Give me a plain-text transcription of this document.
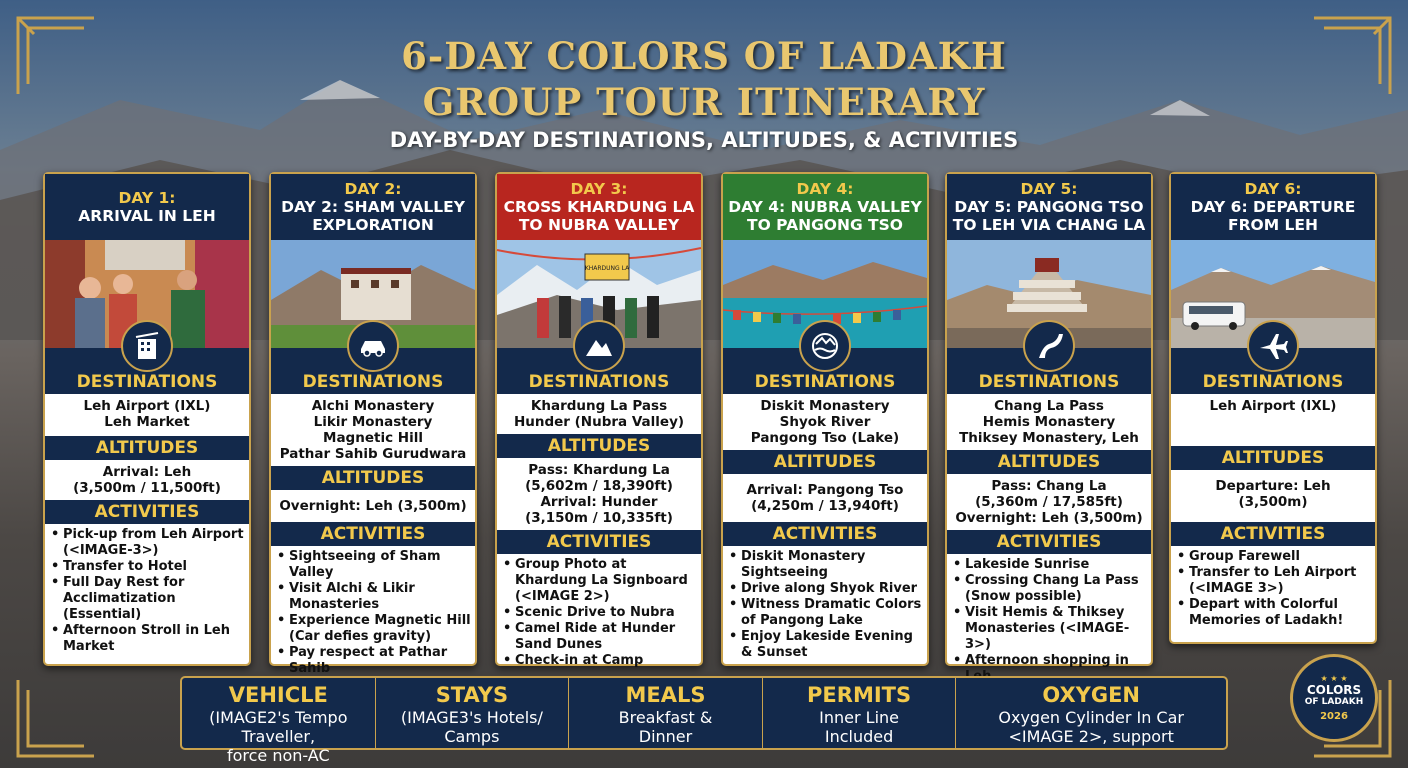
6-DAY COLORS OF LADAKH
GROUP TOUR ITINERARY
DAY-BY-DAY DESTINATIONS, ALTITUDES, & ACTIVITIES
DAY 1:
ARRIVAL IN LEH
DESTINATIONS
Leh Airport (IXL)
Leh Market
ALTITUDES
Arrival: Leh
(3,500m / 11,500ft)
ACTIVITIES
• Pick-up from Leh Airport (<IMAGE-3>)
• Transfer to Hotel
• Full Day Rest for Acclimatization (Essential)
• Afternoon Stroll in Leh Market
DAY 2:
DAY 2: SHAM VALLEY EXPLORATION
DESTINATIONS
Alchi Monastery
Likir Monastery
Magnetic Hill
Pathar Sahib Gurudwara
ALTITUDES
Overnight: Leh (3,500m)
ACTIVITIES
• Sightseeing of Sham Valley
• Visit Alchi & Likir Monasteries
• Experience Magnetic Hill (Car defies gravity)
• Pay respect at Pathar Sahib
DAY 3:
CROSS KHARDUNG LA TO NUBRA VALLEY
KHARDUNG LA
DESTINATIONS
Khardung La Pass
Hunder (Nubra Valley)
ALTITUDES
Pass: Khardung La
(5,602m / 18,390ft)
Arrival: Hunder
(3,150m / 10,335ft)
ACTIVITIES
• Group Photo at Khardung La Signboard (<IMAGE 2>)
• Scenic Drive to Nubra
• Camel Ride at Hunder Sand Dunes
• Check-in at Camp
DAY 4:
DAY 4: NUBRA VALLEY TO PANGONG TSO
DESTINATIONS
Diskit Monastery
Shyok River
Pangong Tso (Lake)
ALTITUDES
Arrival: Pangong Tso
(4,250m / 13,940ft)
ACTIVITIES
• Diskit Monastery Sightseeing
• Drive along Shyok River
• Witness Dramatic Colors of Pangong Lake
• Enjoy Lakeside Evening & Sunset
DAY 5:
DAY 5: PANGONG TSO TO LEH VIA CHANG LA
DESTINATIONS
Chang La Pass
Hemis Monastery
Thiksey Monastery, Leh
ALTITUDES
Pass: Chang La
(5,360m / 17,585ft)
Overnight: Leh (3,500m)
ACTIVITIES
• Lakeside Sunrise
• Crossing Chang La Pass (Snow possible)
• Visit Hemis & Thiksey Monasteries (<IMAGE-3>)
• Afternoon shopping in
DAY 6:
DAY 6: DEPARTURE FROM LEH
DESTINATIONS
Leh Airport (IXL)
ALTITUDES
Departure: Leh
(3,500m)
ACTIVITIES
• Group Farewell
• Transfer to Leh Airport (<IMAGE 3>)
• Depart with Colorful Memories of Ladakh!
VEHICLE
(IMAGE2's Tempo Traveller,
force non-AC
STAYS
(IMAGE3's Hotels/
Camps
MEALS
Breakfast &
Dinner
PERMITS
Inner Line
Included
OXYGEN
Oxygen Cylinder In Car
<IMAGE 2>, support
★ ★ ★
COLORS
OF LADAKH
2026
